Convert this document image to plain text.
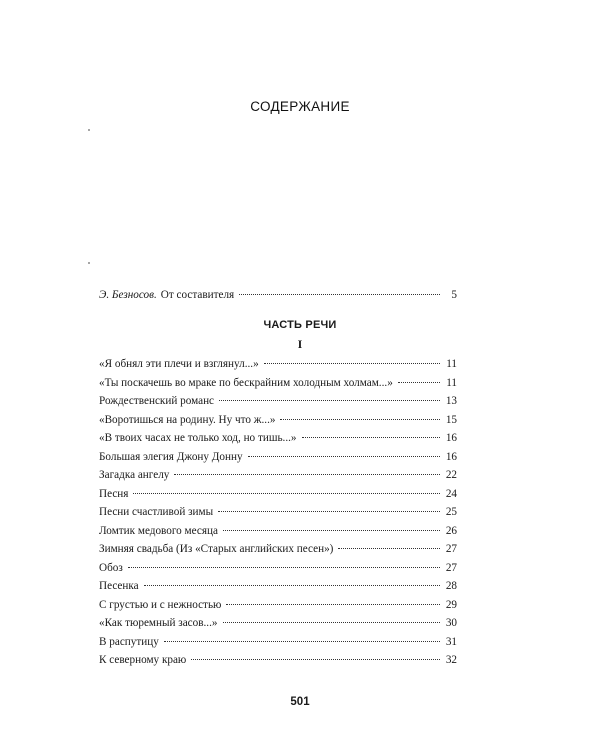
СОДЕРЖАНИЕ
Э. Безносов. От составителя	5
ЧАСТЬ РЕЧИ
I
«Я обнял эти плечи и взглянул...»	11
«Ты поскачешь во мраке по бескрайним холодным холмам...»	11
Рождественский романс	13
«Воротишься на родину. Ну что ж...»	15
«В твоих часах не только ход, но тишь...»	16
Большая элегия Джону Донну	16
Загадка ангелу	22
Песня	24
Песни счастливой зимы	25
Ломтик медового месяца	26
Зимняя свадьба (Из «Старых английских песен»)	27
Обоз	27
Песенка	28
С грустью и с нежностью	29
«Как тюремный засов...»	30
В распутицу	31
К северному краю	32
501
